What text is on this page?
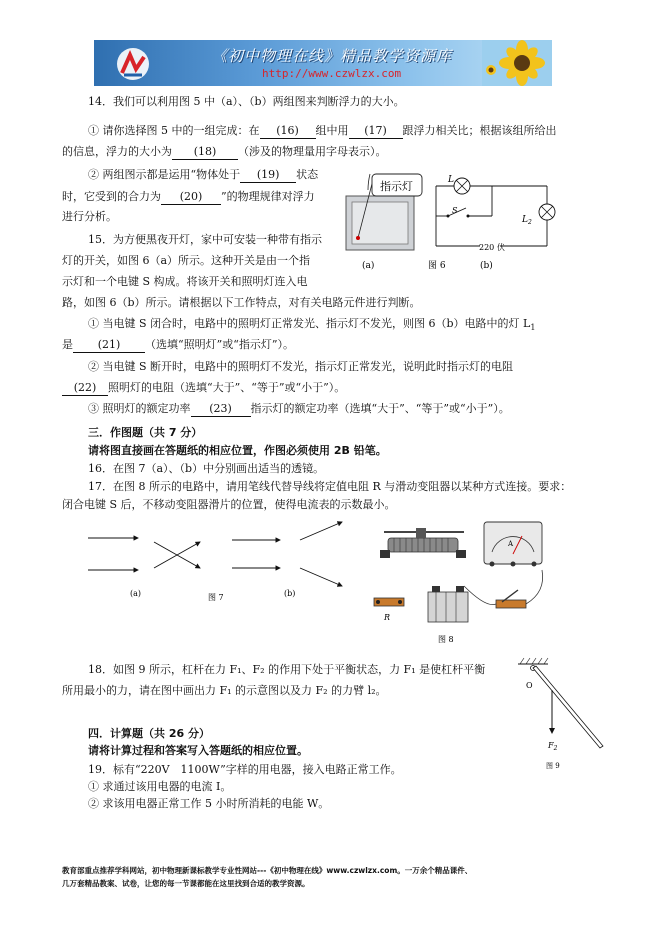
《初中物理在线》精品教学资源库
http://www.czwlzx.com
14．我们可以利用图 5 中（a）、（b）两组图来判断浮力的大小。
① 请你选择图 5 中的一组完成：在 (16) 组中用 (17) 跟浮力相关比；根据该组所给出
的信息，浮力的大小为 (18) （涉及的物理量用字母表示）。
② 两组图示都是运用“物体处于 (19) 状态
时，它受到的合力为 (20) ”的物理规律对浮力
进行分析。
15．为方便黑夜开灯，家中可安装一种带有指示
灯的开关，如图 6（a）所示。这种开关是由一个指
示灯和一个电键 S 构成。将该开关和照明灯连入电
路，如图 6（b）所示。请根据以下工作特点，对有关电路元件进行判断。
① 当电键 S 闭合时，电路中的照明灯正常发光、指示灯不发光，则图 6（b）电路中的灯 $L_1$
是 (21) （选填“照明灯”或“指示灯”）。
② 当电键 S 断开时，电路中的照明灯不发光，指示灯正常发光，说明此时指示灯的电阻
(22) 照明灯的电阻（选填“大于”、“等于”或“小于”）。
③ 照明灯的额定功率 (23) 指示灯的额定功率（选填“大于”、“等于”或“小于”）。
指示灯
(a)
L
$L_2$
S
220 伏
图 6	(b)
三．作图题（共 7 分）
请将图直接画在答题纸的相应位置，作图必须使用 2B 铅笔。
16．在图 7（a）、（b）中分别画出适当的透镜。
17．在图 8 所示的电路中，请用笔线代替导线将定值电阻 R 与滑动变阻器以某种方式连接。要求：
闭合电键 S 后，不移动变阻器滑片的位置，使得电流表的示数最小。
(a)	图 7	(b)
A
R
图 8
18．如图 9 所示，杠杆在力 F₁、F₂ 的作用下处于平衡状态，力 F₁ 是使杠杆平衡
所用最小的力，请在图中画出力 F₁ 的示意图以及力 F₂ 的力臂 l₂。	O
$F_2$
图 9
四．计算题（共 26 分）
请将计算过程和答案写入答题纸的相应位置。
19．标有“220V　1100W”字样的用电器，接入电路正常工作。
① 求通过该用电器的电流 I。
② 求该用电器正常工作 5 小时所消耗的电能 W。
教育部重点推荐学科网站，初中物理新课标教学专业性网站---《初中物理在线》www.czwlzx.com。一万余个精品课件、
几万套精品教案、试卷，让您的每一节课都能在这里找到合适的教学资源。
